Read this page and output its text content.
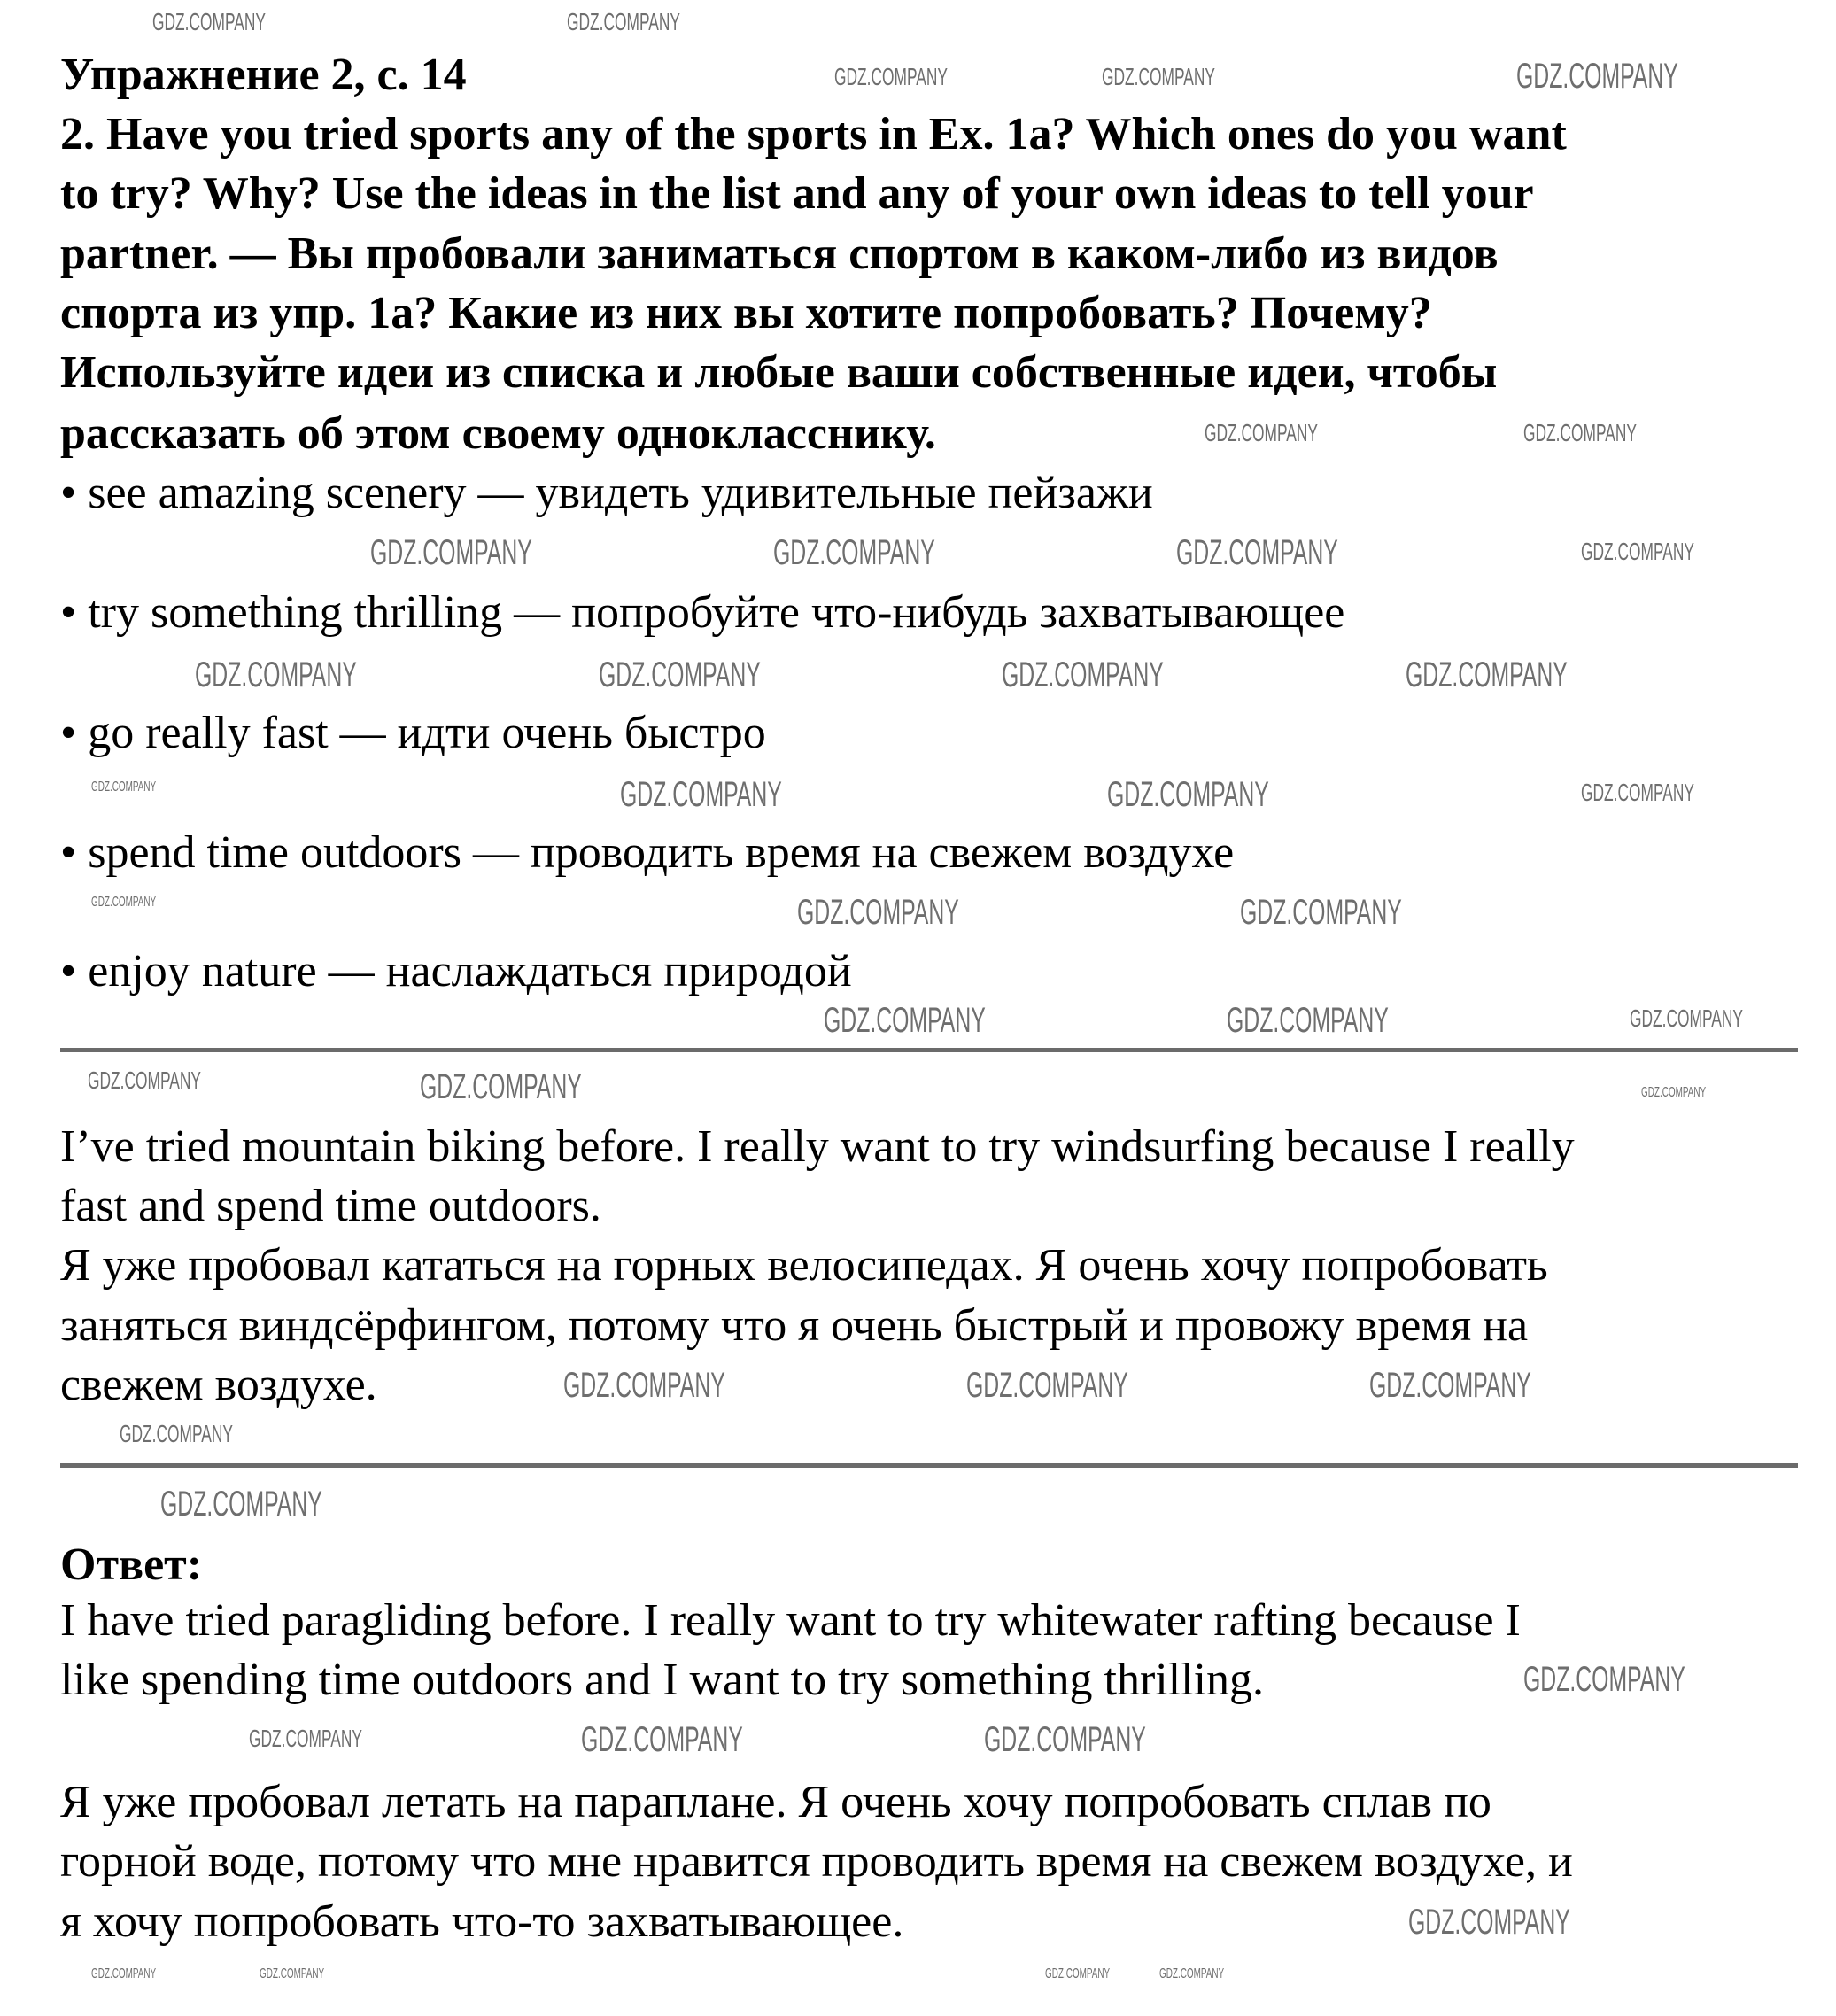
Упражнение 2, с. 14
2. Have you tried sports any of the sports in Ex. 1a? Which ones do you want
to try? Why? Use the ideas in the list and any of your own ideas to tell your
partner. — Вы пробовали заниматься спортом в каком-либо из видов
спорта из упр. 1а? Какие из них вы хотите попробовать? Почему?
Используйте идеи из списка и любые ваши собственные идеи, чтобы
рассказать об этом своему однокласснику.
• see amazing scenery — увидеть удивительные пейзажи
• try something thrilling — попробуйте что-нибудь захватывающее
• go really fast — идти очень быстро
• spend time outdoors — проводить время на свежем воздухе
• enjoy nature — наслаждаться природой
I’ve tried mountain biking before. I really want to try windsurfing because I really
fast and spend time outdoors.
Я уже пробовал кататься на горных велосипедах. Я очень хочу попробовать
заняться виндсёрфингом, потому что я очень быстрый и провожу время на
свежем воздухе.
Ответ:
I have tried paragliding before. I really want to try whitewater rafting because I
like spending time outdoors and I want to try something thrilling.
Я уже пробовал летать на параплане. Я очень хочу попробовать сплав по
горной воде, потому что мне нравится проводить время на свежем воздухе, и
я хочу попробовать что-то захватывающее.
GDZ.COMPANY	GDZ.COMPANY
GDZ.COMPANY	GDZ.COMPANY	GDZ.COMPANY
GDZ.COMPANY	GDZ.COMPANY
GDZ.COMPANY	GDZ.COMPANY	GDZ.COMPANY	GDZ.COMPANY
GDZ.COMPANY	GDZ.COMPANY	GDZ.COMPANY	GDZ.COMPANY
GDZ.COMPANY	GDZ.COMPANY	GDZ.COMPANY	GDZ.COMPANY
GDZ.COMPANY	GDZ.COMPANY	GDZ.COMPANY
GDZ.COMPANY	GDZ.COMPANY	GDZ.COMPANY
GDZ.COMPANY	GDZ.COMPANY	GDZ.COMPANY
GDZ.COMPANY	GDZ.COMPANY	GDZ.COMPANY
GDZ.COMPANY
GDZ.COMPANY
GDZ.COMPANY
GDZ.COMPANY	GDZ.COMPANY	GDZ.COMPANY
GDZ.COMPANY
GDZ.COMPANY	GDZ.COMPANY	GDZ.COMPANY	GDZ.COMPANY
